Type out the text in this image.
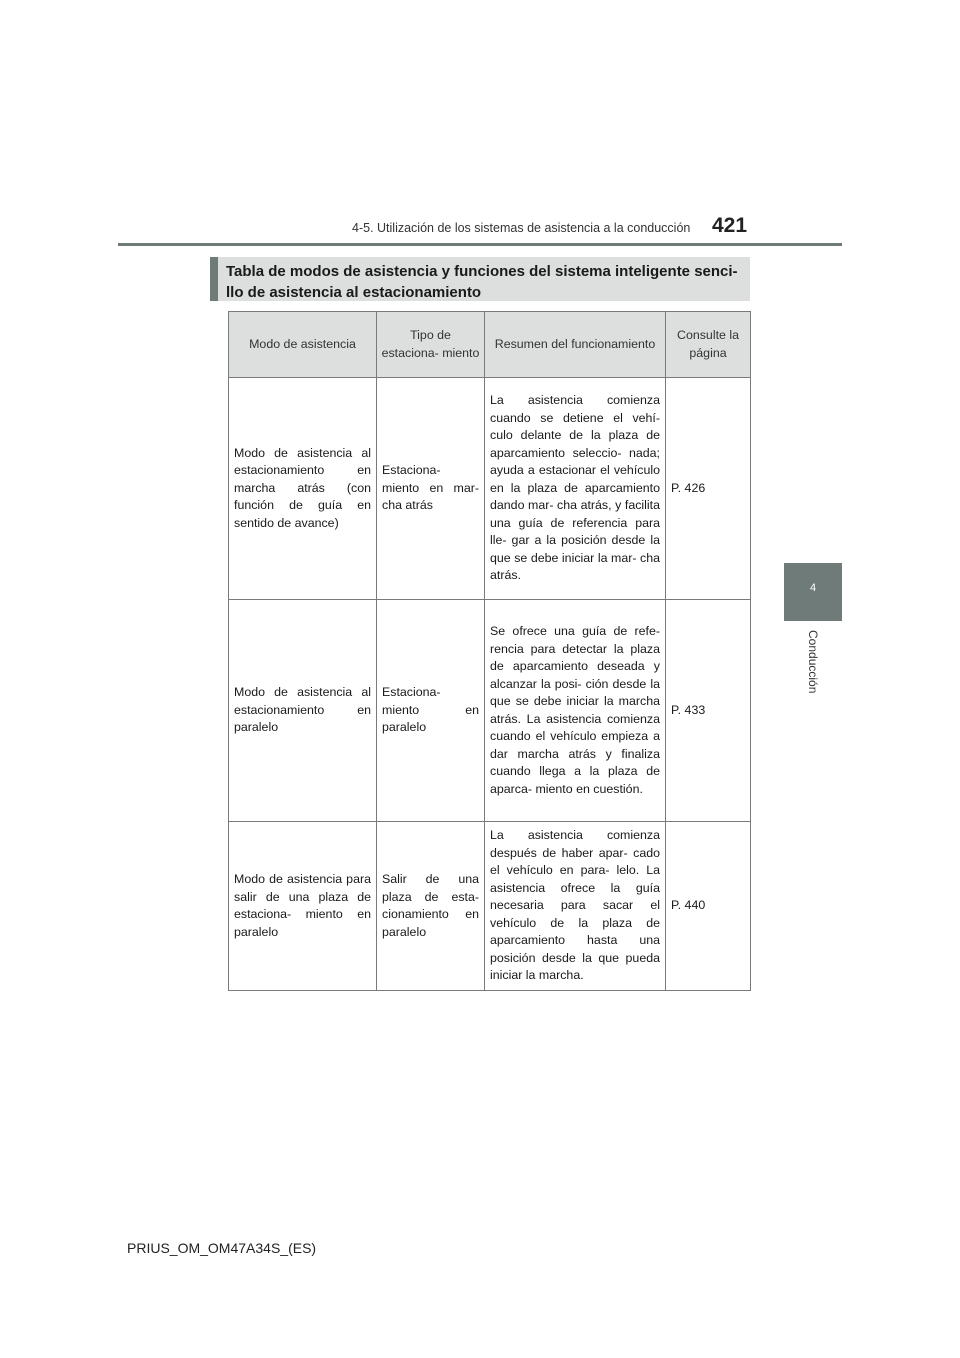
4-5. Utilización de los sistemas de asistencia a la conducción	421
4
Conducción
Tabla de modos de asistencia y funciones del sistema inteligente senci- llo de asistencia al estacionamiento
Modo de asistencia	Tipo de estaciona- miento	Resumen del funcionamiento	Consulte la página
Modo de asistencia al estacionamiento en marcha atrás (con función de guía en sentido de avance)	Estaciona- miento en mar- cha atrás	La asistencia comienza cuando se detiene el vehí- culo delante de la plaza de aparcamiento seleccio- nada; ayuda a estacionar el vehículo en la plaza de aparcamiento dando mar- cha atrás, y facilita una guía de referencia para lle- gar a la posición desde la que se debe iniciar la mar- cha atrás.	P. 426
Modo de asistencia al estacionamiento en paralelo	Estaciona- miento en paralelo	Se ofrece una guía de refe- rencia para detectar la plaza de aparcamiento deseada y alcanzar la posi- ción desde la que se debe iniciar la marcha atrás. La asistencia comienza cuando el vehículo empieza a dar marcha atrás y finaliza cuando llega a la plaza de aparca- miento en cuestión.	P. 433
Modo de asistencia para salir de una plaza de estaciona- miento en paralelo	Salir de una plaza de esta- cionamiento en paralelo	La asistencia comienza después de haber apar- cado el vehículo en para- lelo. La asistencia ofrece la guía necesaria para sacar el vehículo de la plaza de aparcamiento hasta una posición desde la que pueda iniciar la marcha.	P. 440
PRIUS_OM_OM47A34S_(ES)
